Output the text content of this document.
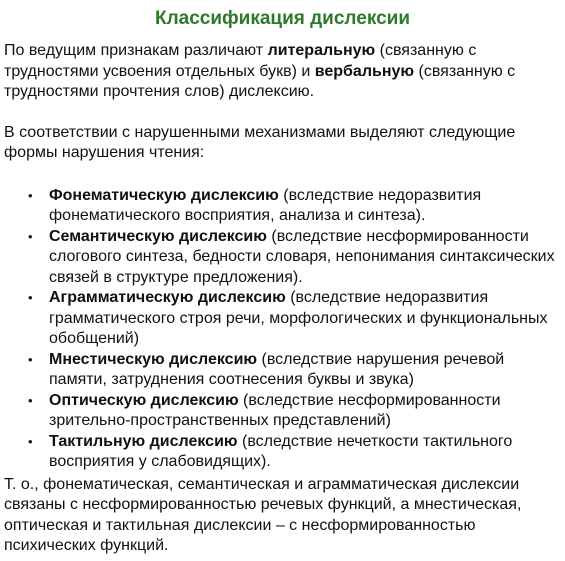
Классификация дислексии

По ведущим признакам различают литеральную (связанную с трудностями усвоения отдельных букв) и вербальную (связанную с трудностями прочтения слов) дислексию.

В соответствии с нарушенными механизмами выделяют следующие формы нарушения чтения:

• Фонематическую дислексию (вследствие недоразвития фонематического восприятия, анализа и синтеза).
• Семантическую дислексию (вследствие несформированности слогового синтеза, бедности словаря, непонимания синтаксических связей в структуре предложения).
• Аграмматическую дислексию (вследствие недоразвития грамматического строя речи, морфологических и функциональных обобщений)
• Мнестическую дислексию (вследствие нарушения речевой памяти, затруднения соотнесения буквы и звука)
• Оптическую дислексию (вследствие несформированности зрительно-пространственных представлений)
• Тактильную дислексию (вследствие нечеткости тактильного восприятия у слабовидящих).

Т. о., фонематическая, семантическая и аграмматическая дислексии связаны с несформированностью речевых функций, а мнестическая, оптическая и тактильная дислексии – с несформированностью психических функций.
